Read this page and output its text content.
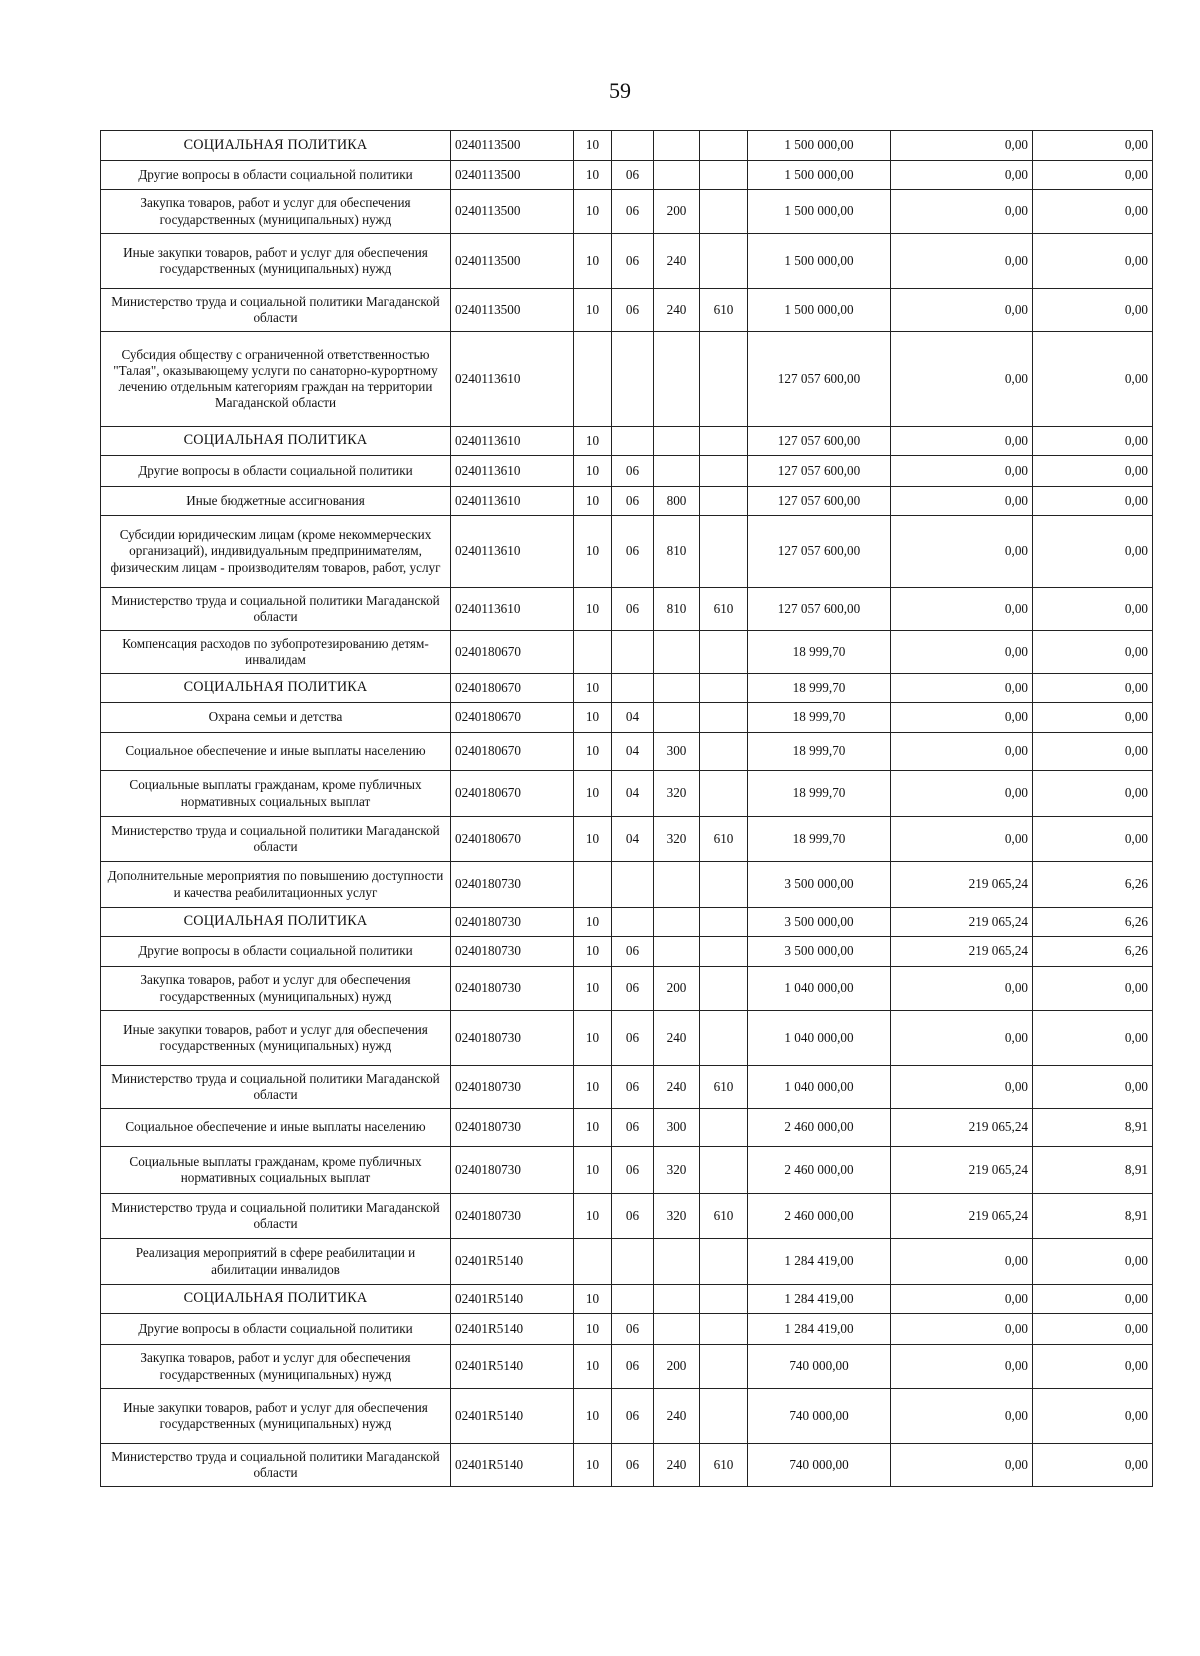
59
СОЦИАЛЬНАЯ ПОЛИТИКА	0240113500	10				1 500 000,00	0,00	0,00
Другие вопросы в области социальной политики	0240113500	10	06			1 500 000,00	0,00	0,00
Закупка товаров, работ и услуг для обеспечения государственных (муниципальных) нужд	0240113500	10	06	200		1 500 000,00	0,00	0,00
Иные закупки товаров, работ и услуг для обеспечения государственных (муниципальных) нужд	0240113500	10	06	240		1 500 000,00	0,00	0,00
Министерство труда и социальной политики Магаданской области	0240113500	10	06	240	610	1 500 000,00	0,00	0,00
Субсидия обществу с ограниченной ответственностью "Талая", оказывающему услуги по санаторно-курортному лечению отдельным категориям граждан на территории Магаданской области	0240113610					127 057 600,00	0,00	0,00
СОЦИАЛЬНАЯ ПОЛИТИКА	0240113610	10				127 057 600,00	0,00	0,00
Другие вопросы в области социальной политики	0240113610	10	06			127 057 600,00	0,00	0,00
Иные бюджетные ассигнования	0240113610	10	06	800		127 057 600,00	0,00	0,00
Субсидии юридическим лицам (кроме некоммерческих организаций), индивидуальным предпринимателям, физическим лицам - производителям товаров, работ, услуг	0240113610	10	06	810		127 057 600,00	0,00	0,00
Министерство труда и социальной политики Магаданской области	0240113610	10	06	810	610	127 057 600,00	0,00	0,00
Компенсация расходов по зубопротезированию детям-инвалидам	0240180670					18 999,70	0,00	0,00
СОЦИАЛЬНАЯ ПОЛИТИКА	0240180670	10				18 999,70	0,00	0,00
Охрана семьи и детства	0240180670	10	04			18 999,70	0,00	0,00
Социальное обеспечение и иные выплаты населению	0240180670	10	04	300		18 999,70	0,00	0,00
Социальные выплаты гражданам, кроме публичных нормативных социальных выплат	0240180670	10	04	320		18 999,70	0,00	0,00
Министерство труда и социальной политики Магаданской области	0240180670	10	04	320	610	18 999,70	0,00	0,00
Дополнительные мероприятия по повышению доступности и качества реабилитационных услуг	0240180730					3 500 000,00	219 065,24	6,26
СОЦИАЛЬНАЯ ПОЛИТИКА	0240180730	10				3 500 000,00	219 065,24	6,26
Другие вопросы в области социальной политики	0240180730	10	06			3 500 000,00	219 065,24	6,26
Закупка товаров, работ и услуг для обеспечения государственных (муниципальных) нужд	0240180730	10	06	200		1 040 000,00	0,00	0,00
Иные закупки товаров, работ и услуг для обеспечения государственных (муниципальных) нужд	0240180730	10	06	240		1 040 000,00	0,00	0,00
Министерство труда и социальной политики Магаданской области	0240180730	10	06	240	610	1 040 000,00	0,00	0,00
Социальное обеспечение и иные выплаты населению	0240180730	10	06	300		2 460 000,00	219 065,24	8,91
Социальные выплаты гражданам, кроме публичных нормативных социальных выплат	0240180730	10	06	320		2 460 000,00	219 065,24	8,91
Министерство труда и социальной политики Магаданской области	0240180730	10	06	320	610	2 460 000,00	219 065,24	8,91
Реализация мероприятий в сфере реабилитации и абилитации инвалидов	02401R5140					1 284 419,00	0,00	0,00
СОЦИАЛЬНАЯ ПОЛИТИКА	02401R5140	10				1 284 419,00	0,00	0,00
Другие вопросы в области социальной политики	02401R5140	10	06			1 284 419,00	0,00	0,00
Закупка товаров, работ и услуг для обеспечения государственных (муниципальных) нужд	02401R5140	10	06	200		740 000,00	0,00	0,00
Иные закупки товаров, работ и услуг для обеспечения государственных (муниципальных) нужд	02401R5140	10	06	240		740 000,00	0,00	0,00
Министерство труда и социальной политики Магаданской области	02401R5140	10	06	240	610	740 000,00	0,00	0,00
